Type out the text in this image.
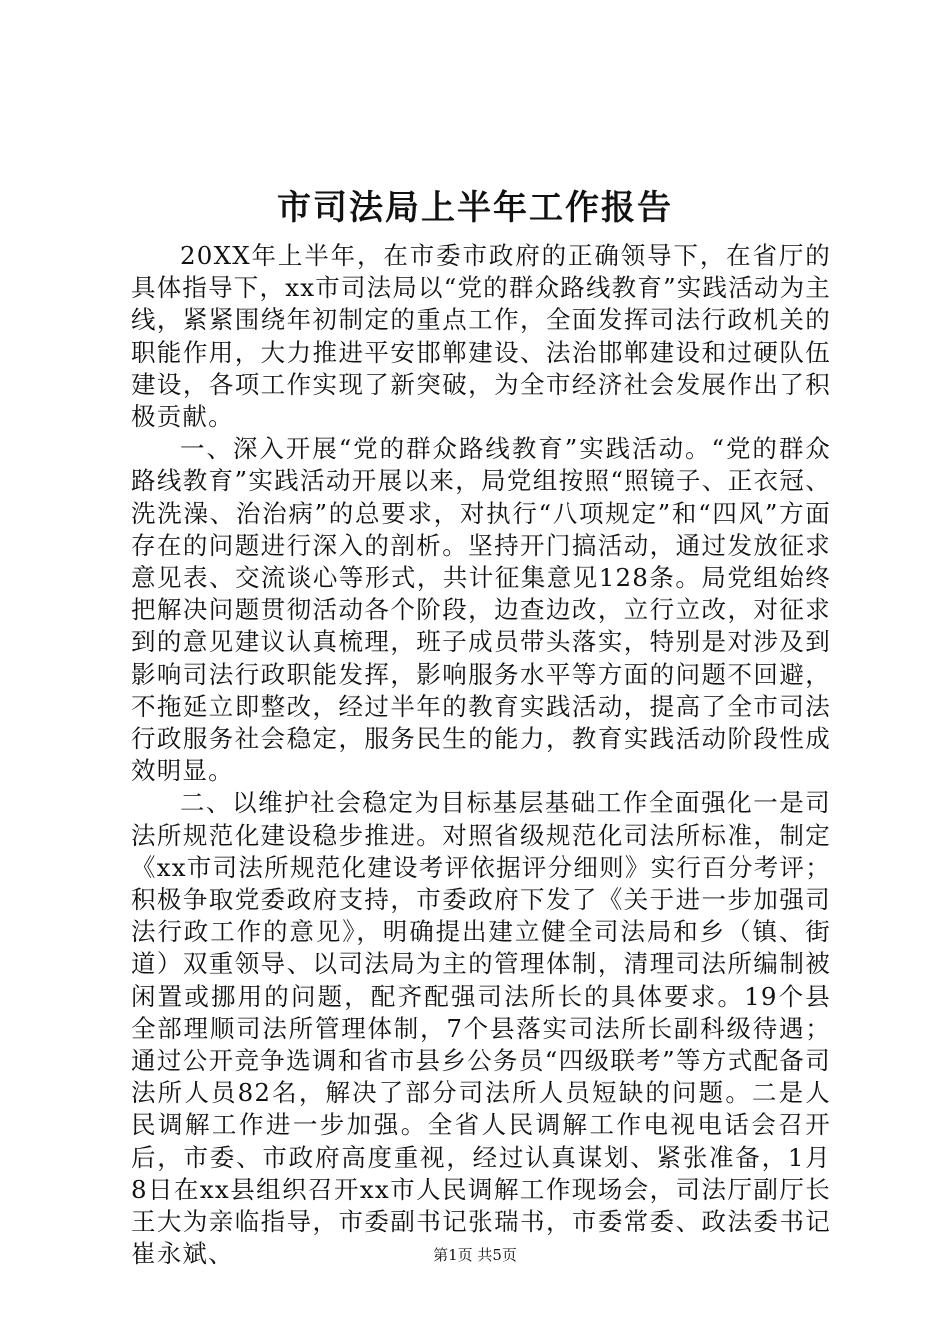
市司法局上半年工作报告

20XX年上半年，在市委市政府的正确领导下，在省厅的具体指导下，xx市司法局以“党的群众路线教育”实践活动为主线，紧紧围绕年初制定的重点工作，全面发挥司法行政机关的职能作用，大力推进平安邯郸建设、法治邯郸建设和过硬队伍建设，各项工作实现了新突破，为全市经济社会发展作出了积极贡献。

一、深入开展“党的群众路线教育”实践活动。“党的群众路线教育”实践活动开展以来，局党组按照“照镜子、正衣冠、洗洗澡、治治病”的总要求，对执行“八项规定”和“四风”方面存在的问题进行深入的剖析。坚持开门搞活动，通过发放征求意见表、交流谈心等形式，共计征集意见128条。局党组始终把解决问题贯彻活动各个阶段，边查边改，立行立改，对征求到的意见建议认真梳理，班子成员带头落实，特别是对涉及到影响司法行政职能发挥，影响服务水平等方面的问题不回避，不拖延立即整改，经过半年的教育实践活动，提高了全市司法行政服务社会稳定，服务民生的能力，教育实践活动阶段性成效明显。

二、以维护社会稳定为目标基层基础工作全面强化一是司法所规范化建设稳步推进。对照省级规范化司法所标准，制定《xx市司法所规范化建设考评依据评分细则》实行百分考评；积极争取党委政府支持，市委政府下发了《关于进一步加强司法行政工作的意见》，明确提出建立健全司法局和乡（镇、街道）双重领导、以司法局为主的管理体制，清理司法所编制被闲置或挪用的问题，配齐配强司法所长的具体要求。19个县全部理顺司法所管理体制，7个县落实司法所长副科级待遇；通过公开竞争选调和省市县乡公务员“四级联考”等方式配备司法所人员82名，解决了部分司法所人员短缺的问题。二是人民调解工作进一步加强。全省人民调解工作电视电话会召开后，市委、市政府高度重视，经过认真谋划、紧张准备，1月8日在xx县组织召开xx市人民调解工作现场会，司法厅副厅长王大为亲临指导，市委副书记张瑞书，市委常委、政法委书记崔永斌、	第1页 共5页
